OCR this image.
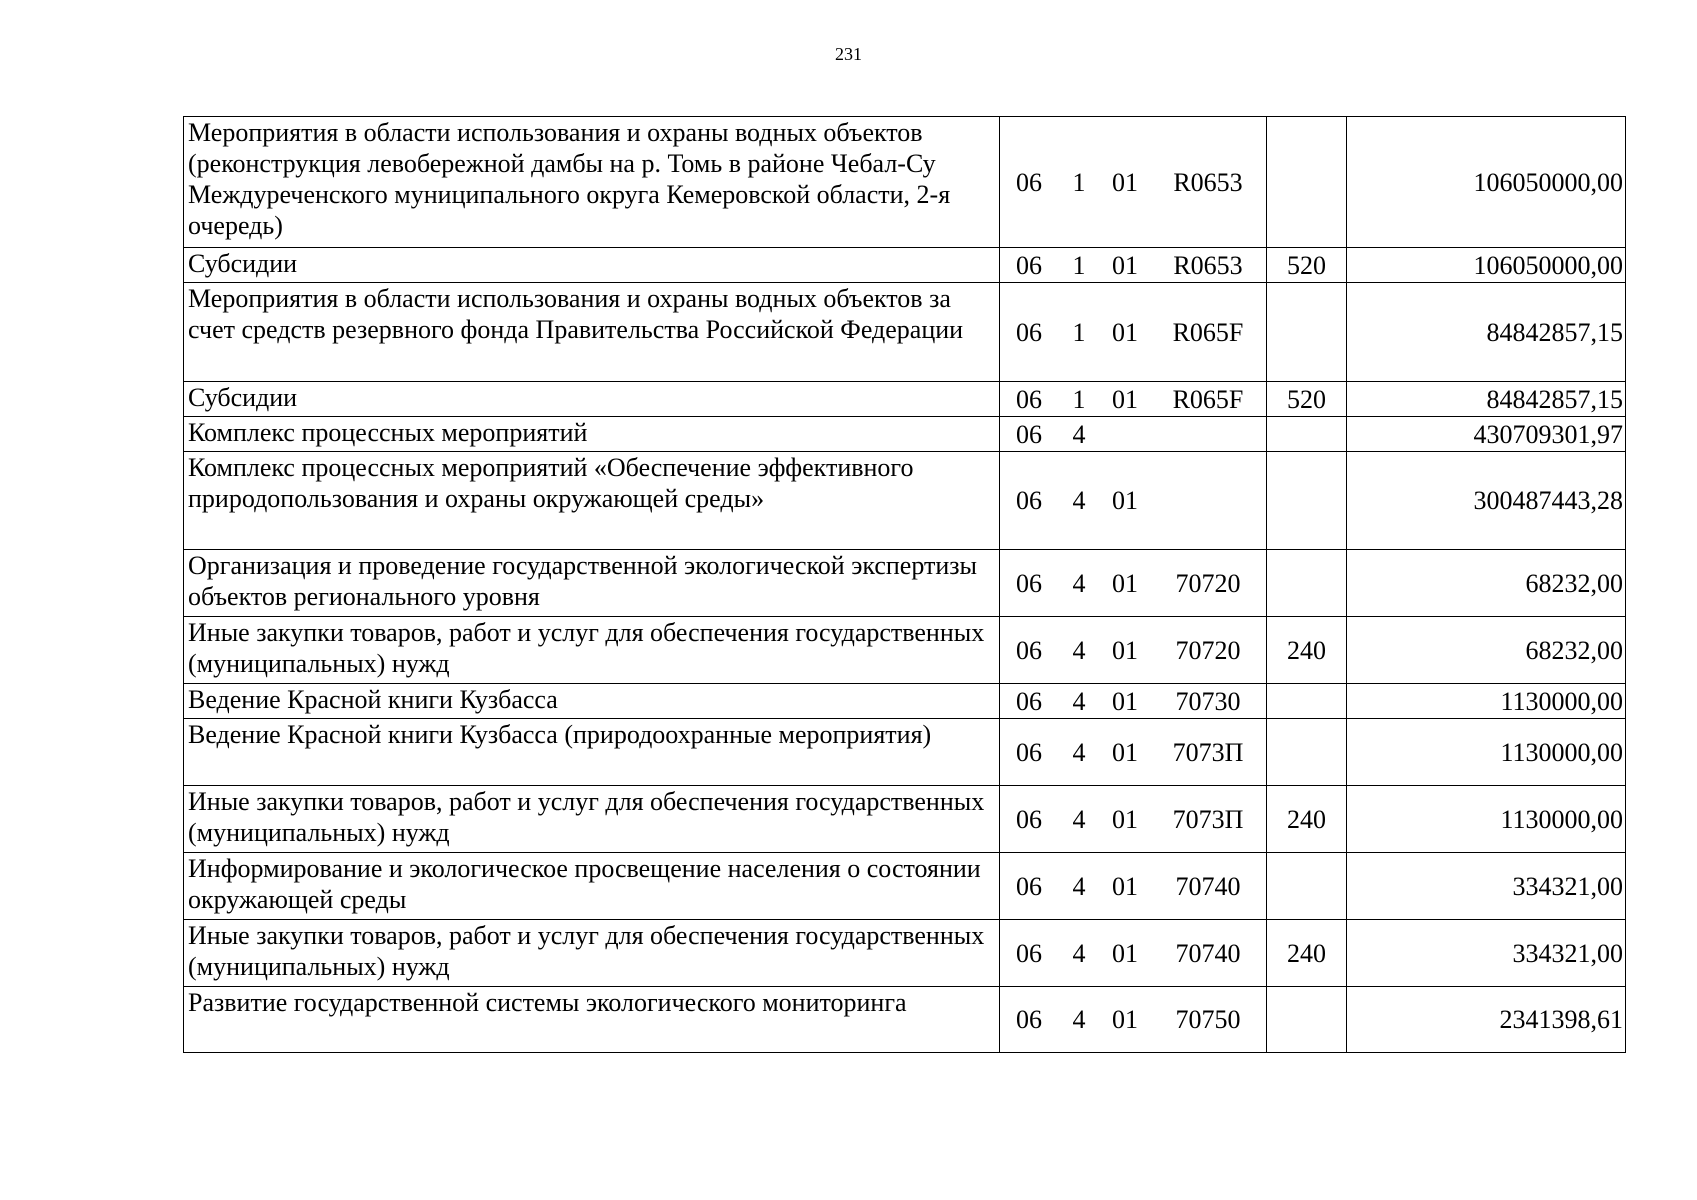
231
Мероприятия в области использования и охраны водных объектов (реконструкция левобережной дамбы на р. Томь в районе Чебал-Су Междуреченского муниципального округа Кемеровской области, 2-я очередь)	06 1 01 R0653		106050000,00
Субсидии	06 1 01 R0653	520	106050000,00
Мероприятия в области использования и охраны водных объектов за счет средств резервного фонда Правительства Российской Федерации	06 1 01 R065F		84842857,15
Субсидии	06 1 01 R065F	520	84842857,15
Комплекс процессных мероприятий	06 4		430709301,97
Комплекс процессных мероприятий «Обеспечение эффективного природопользования и охраны окружающей среды»	06 4 01		300487443,28
Организация и проведение государственной экологической экспертизы объектов регионального уровня	06 4 01 70720		68232,00
Иные закупки товаров, работ и услуг для обеспечения государственных (муниципальных) нужд	06 4 01 70720	240	68232,00
Ведение Красной книги Кузбасса	06 4 01 70730		1130000,00
Ведение Красной книги Кузбасса (природоохранные мероприятия)	06 4 01 7073П		1130000,00
Иные закупки товаров, работ и услуг для обеспечения государственных (муниципальных) нужд	06 4 01 7073П	240	1130000,00
Информирование и экологическое просвещение населения о состоянии окружающей среды	06 4 01 70740		334321,00
Иные закупки товаров, работ и услуг для обеспечения государственных (муниципальных) нужд	06 4 01 70740	240	334321,00
Развитие государственной системы экологического мониторинга	06 4 01 70750		2341398,61
